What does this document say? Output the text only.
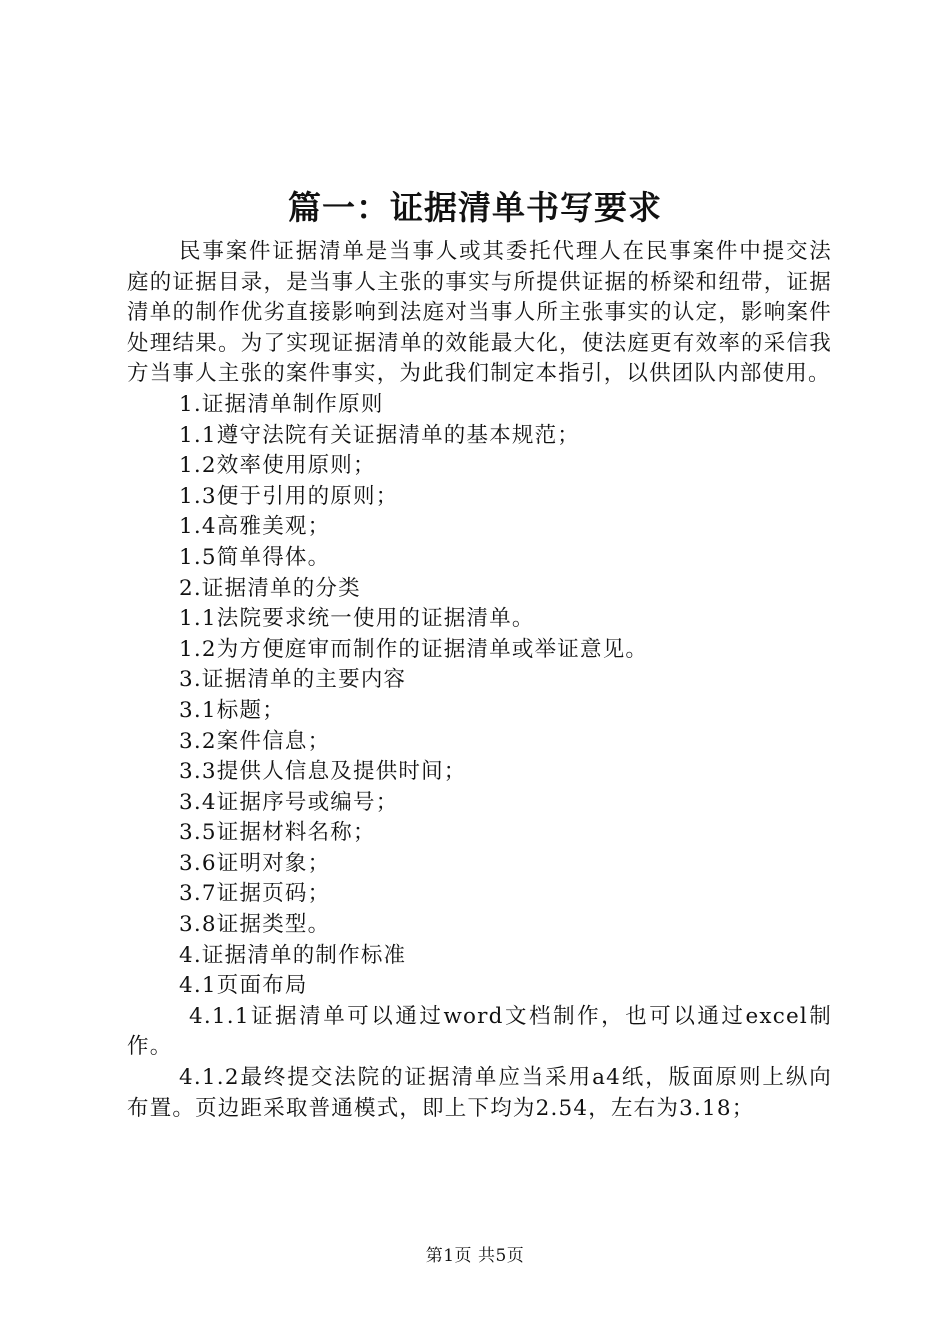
篇一：证据清单书写要求

民事案件证据清单是当事人或其委托代理人在民事案件中提交法庭的证据目录，是当事人主张的事实与所提供证据的桥梁和纽带，证据清单的制作优劣直接影响到法庭对当事人所主张事实的认定，影响案件处理结果。为了实现证据清单的效能最大化，使法庭更有效率的采信我方当事人主张的案件事实，为此我们制定本指引，以供团队内部使用。

1.证据清单制作原则

1.1遵守法院有关证据清单的基本规范；

1.2效率使用原则；

1.3便于引用的原则；

1.4高雅美观；

1.5简单得体。

2.证据清单的分类

1.1法院要求统一使用的证据清单。

1.2为方便庭审而制作的证据清单或举证意见。

3.证据清单的主要内容

3.1标题；

3.2案件信息；

3.3提供人信息及提供时间；

3.4证据序号或编号；

3.5证据材料名称；

3.6证明对象；

3.7证据页码；

3.8证据类型。

4.证据清单的制作标准

4.1页面布局

4.1.1证据清单可以通过word文档制作，也可以通过excel制作。

4.1.2最终提交法院的证据清单应当采用a4纸，版面原则上纵向布置。页边距采取普通模式，即上下均为2.54，左右为3.18；

第1页 共5页
